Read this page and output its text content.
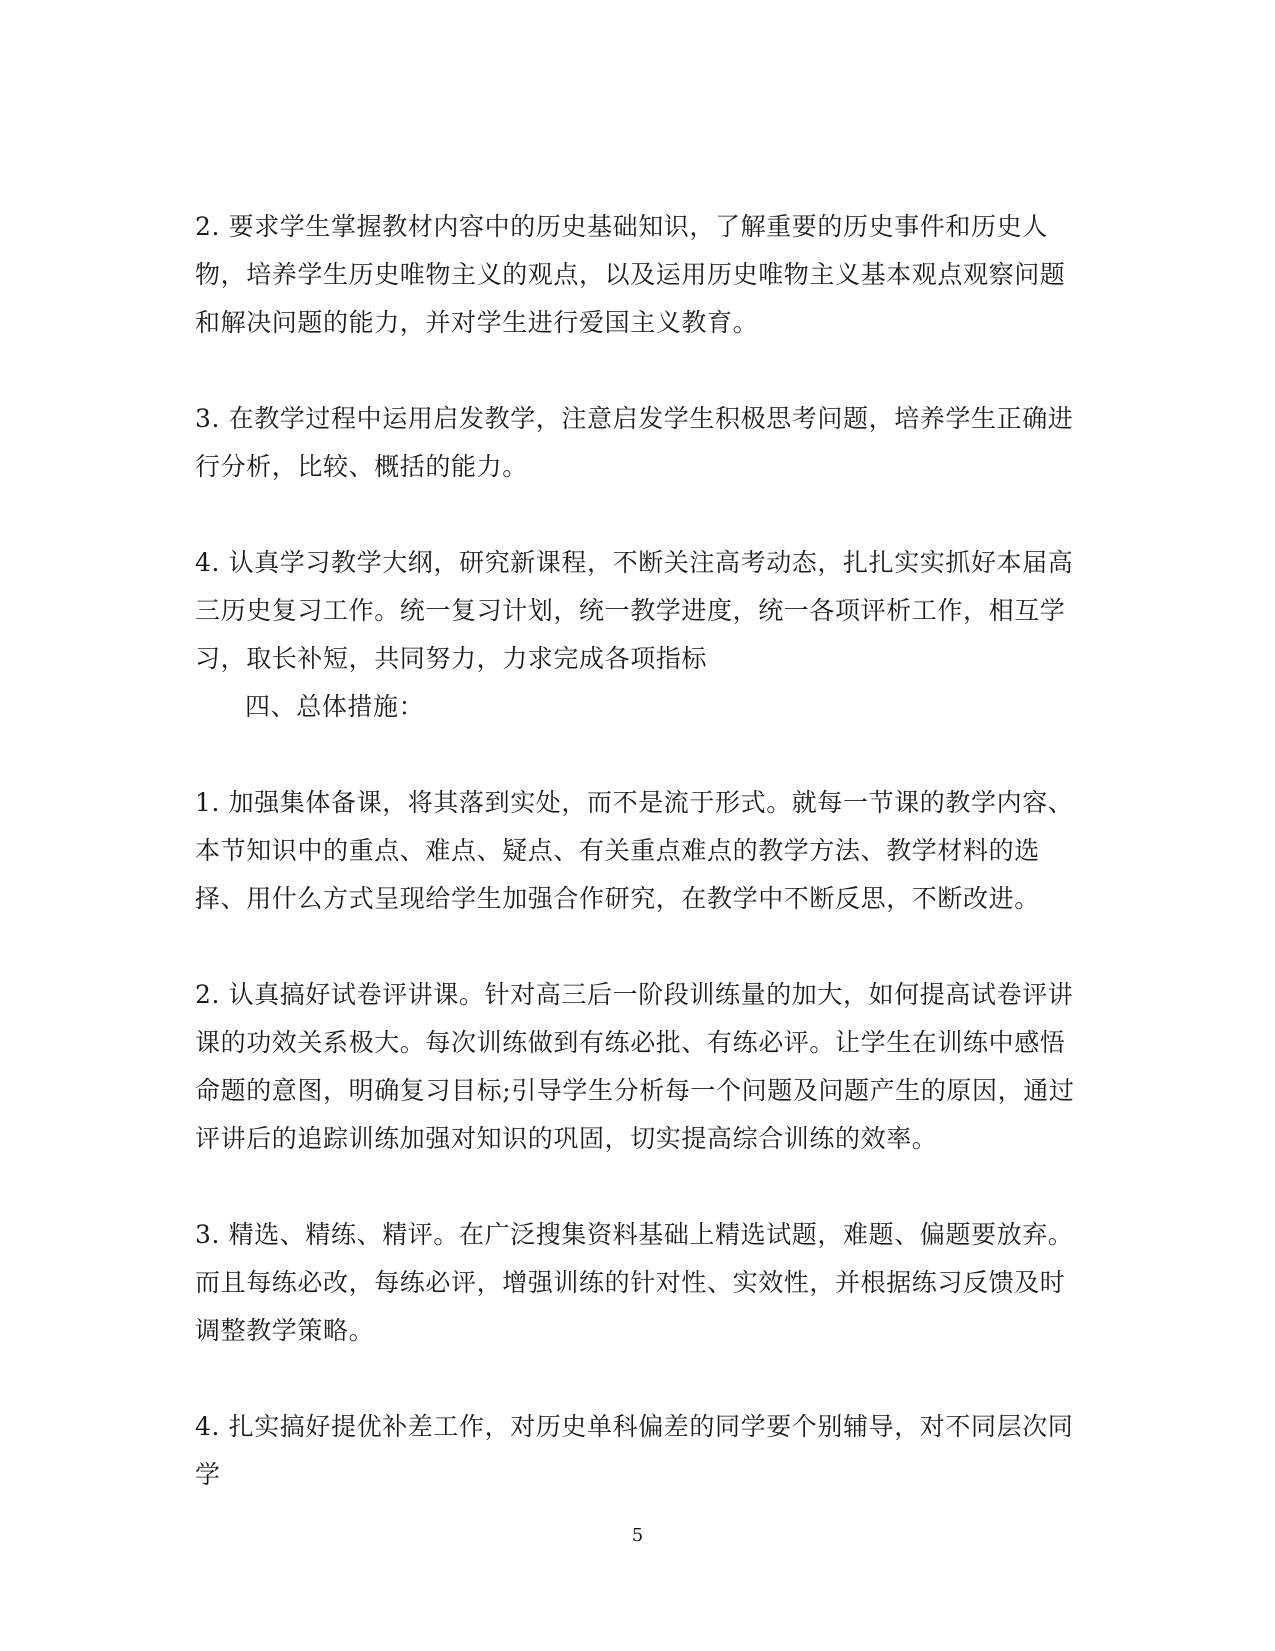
2. 要求学生掌握教材内容中的历史基础知识，了解重要的历史事件和历史人物，培养学生历史唯物主义的观点，以及运用历史唯物主义基本观点观察问题和解决问题的能力，并对学生进行爱国主义教育。

3. 在教学过程中运用启发教学，注意启发学生积极思考问题，培养学生正确进行分析，比较、概括的能力。

4. 认真学习教学大纲，研究新课程，不断关注高考动态，扎扎实实抓好本届高三历史复习工作。统一复习计划，统一教学进度，统一各项评析工作，相互学习，取长补短，共同努力，力求完成各项指标

四、总体措施：

1. 加强集体备课，将其落到实处，而不是流于形式。就每一节课的教学内容、本节知识中的重点、难点、疑点、有关重点难点的教学方法、教学材料的选择、用什么方式呈现给学生加强合作研究，在教学中不断反思，不断改进。

2. 认真搞好试卷评讲课。针对高三后一阶段训练量的加大，如何提高试卷评讲课的功效关系极大。每次训练做到有练必批、有练必评。让学生在训练中感悟命题的意图，明确复习目标;引导学生分析每一个问题及问题产生的原因，通过评讲后的追踪训练加强对知识的巩固，切实提高综合训练的效率。

3. 精选、精练、精评。在广泛搜集资料基础上精选试题，难题、偏题要放弃。而且每练必改，每练必评，增强训练的针对性、实效性，并根据练习反馈及时调整教学策略。

4. 扎实搞好提优补差工作，对历史单科偏差的同学要个别辅导，对不同层次同学

5
